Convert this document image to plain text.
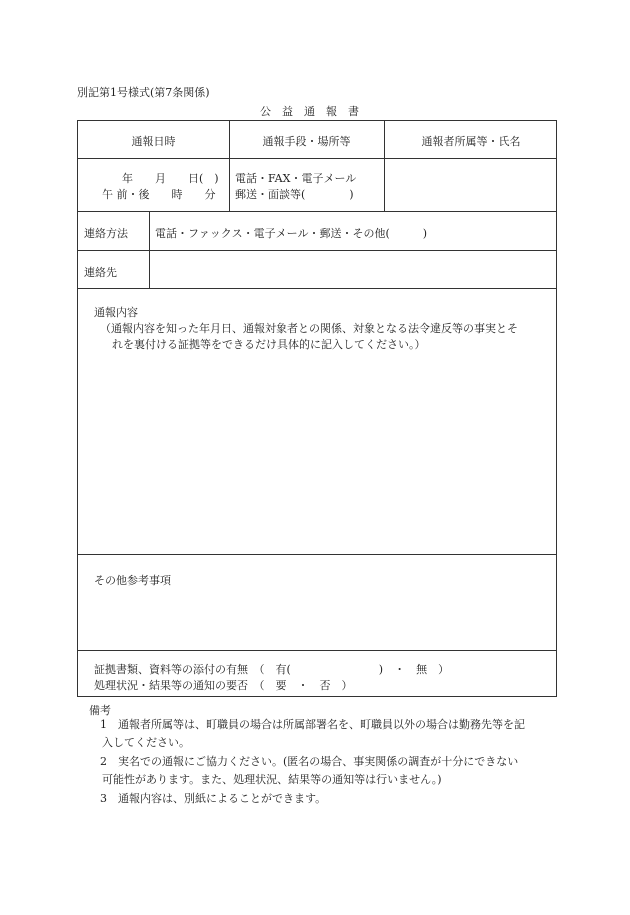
別記第1号様式(第7条関係)
公益通報書
通報日時	通報手段・場所等	通報者所属等・氏名
年　　月　　日(　)
午 前・後　　時　　分
電話・FAX・電子メール
郵送・面談等(　　　　)
連絡方法 電話・ファックス・電子メール・郵送・その他(　　　)
連絡先
通報内容
（通報内容を知った年月日、通報対象者との関係、対象となる法令違反等の事実とそ
れを裏付ける証拠等をできるだけ具体的に記入してください。）
その他参考事項
証拠書類、資料等の添付の有無　（　有(　　　　　　　　)　・　無　）
処理状況・結果等の通知の要否　（　要　・　否　）
備考
1　通報者所属等は、町職員の場合は所属部署名を、町職員以外の場合は勤務先等を記
入してください。
2　実名での通報にご協力ください。(匿名の場合、事実関係の調査が十分にできない
可能性があります。また、処理状況、結果等の通知等は行いません。)
3　通報内容は、別紙によることができます。
